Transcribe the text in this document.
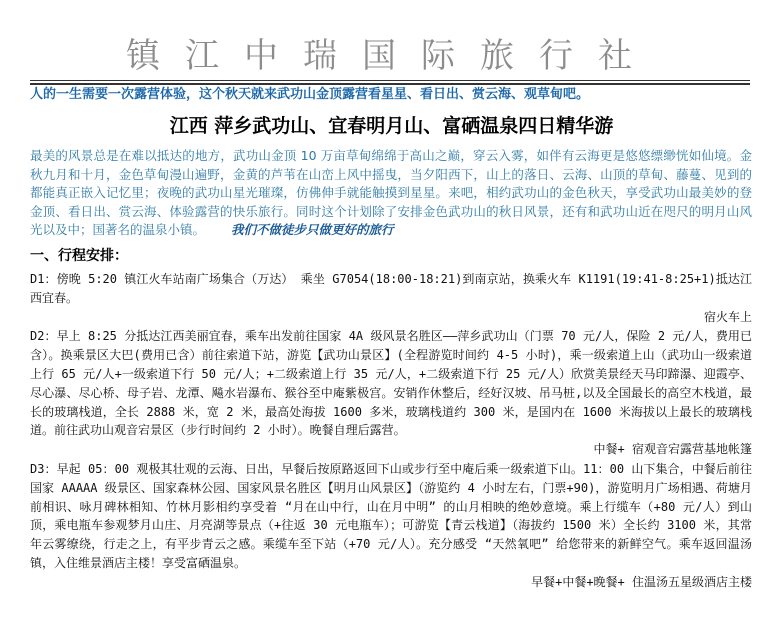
镇江中瑞国际旅行社
人的一生需要一次露营体验，这个秋天就来武功山金顶露营看星星、看日出、赏云海、观草甸吧。
江西 萍乡武功山、宜春明月山、富硒温泉四日精华游
最美的风景总是在难以抵达的地方，武功山金顶 10 万亩草甸绵绵于高山之巅，穿云入雾，如伴有云海更是悠悠缥缈恍如仙境。金秋九月和十月，金色草甸漫山遍野，金黄的芦苇在山峦上风中摇曳，当夕阳西下，山上的落日、云海、山顶的草甸、藤蔓、见到的都能真正嵌入记忆里；夜晚的武功山星光璀璨，仿佛伸手就能触摸到星星。来吧，相约武功山的金色秋天，享受武功山最美妙的登金顶、看日出、赏云海、体验露营的快乐旅行。同时这个计划除了安排金色武功山的秋日风景，还有和武功山近在咫尺的明月山风光以及中；国著名的温泉小镇。 我们不做徒步只做更好的旅行
一、行程安排：

D1：傍晚 5:20 镇江火车站南广场集合（万达） 乘坐 G7054(18:00-18:21)到南京站，换乘火车 K1191(19:41-8:25+1)抵达江西宜春。

宿火车上

D2：早上 8:25 分抵达江西美丽宜春，乘车出发前往国家 4A 级风景名胜区——萍乡武功山（门票 70 元/人，保险 2 元/人，费用已含）。换乘景区大巴(费用已含）前往索道下站，游览【武功山景区】(全程游览时间约 4-5 小时)，乘一级索道上山（武功山一级索道上行 65 元/人+一级索道下行 50 元/人；+二级索道上行 35 元/人，+二级索道下行 25 元/人）欣赏美景经天马印蹄瀑、迎霞亭、尽心瀑、尽心桥、母子岩、龙潭、飚水岩瀑布、猴谷至中庵紫极宫。安销作休整后，经好汉坡、吊马桩,以及全国最长的高空木栈道，最长的玻璃栈道，全长 2888 米，宽 2 米，最高处海拔 1600 多米，玻璃栈道约 300 米，是国内在 1600 米海拔以上最长的玻璃栈道。前往武功山观音宕景区（步行时间约 2 小时）。晚餐自理后露营。

中餐+ 宿观音宕露营基地帐篷

D3：早起 05：00 观极其壮观的云海、日出，早餐后按原路返回下山或步行至中庵后乘一级索道下山。11：00 山下集合，中餐后前往国家 AAAAA 级景区、国家森林公园、国家风景名胜区【明月山风景区】（游览约 4 小时左右，门票+90)，游览明月广场相遇、荷塘月前相识、咏月碑林相知、竹林月影相约享受着 “月在山中行，山在月中明” 的山月相映的绝妙意境。乘上行缆车（+80 元/人）到山顶，乘电瓶车参观梦月山庄、月亮湖等景点（+往返 30 元电瓶车）；可游览【青云栈道】（海拔约 1500 米）全长约 3100 米，其常年云雾缭绕，行走之上，有平步青云之感。乘缆车至下站（+70 元/人）。充分感受 “天然氧吧” 给您带来的新鲜空气。乘车返回温汤镇，入住维景酒店主楼！享受富硒温泉。

早餐+中餐+晚餐+ 住温汤五星级酒店主楼
